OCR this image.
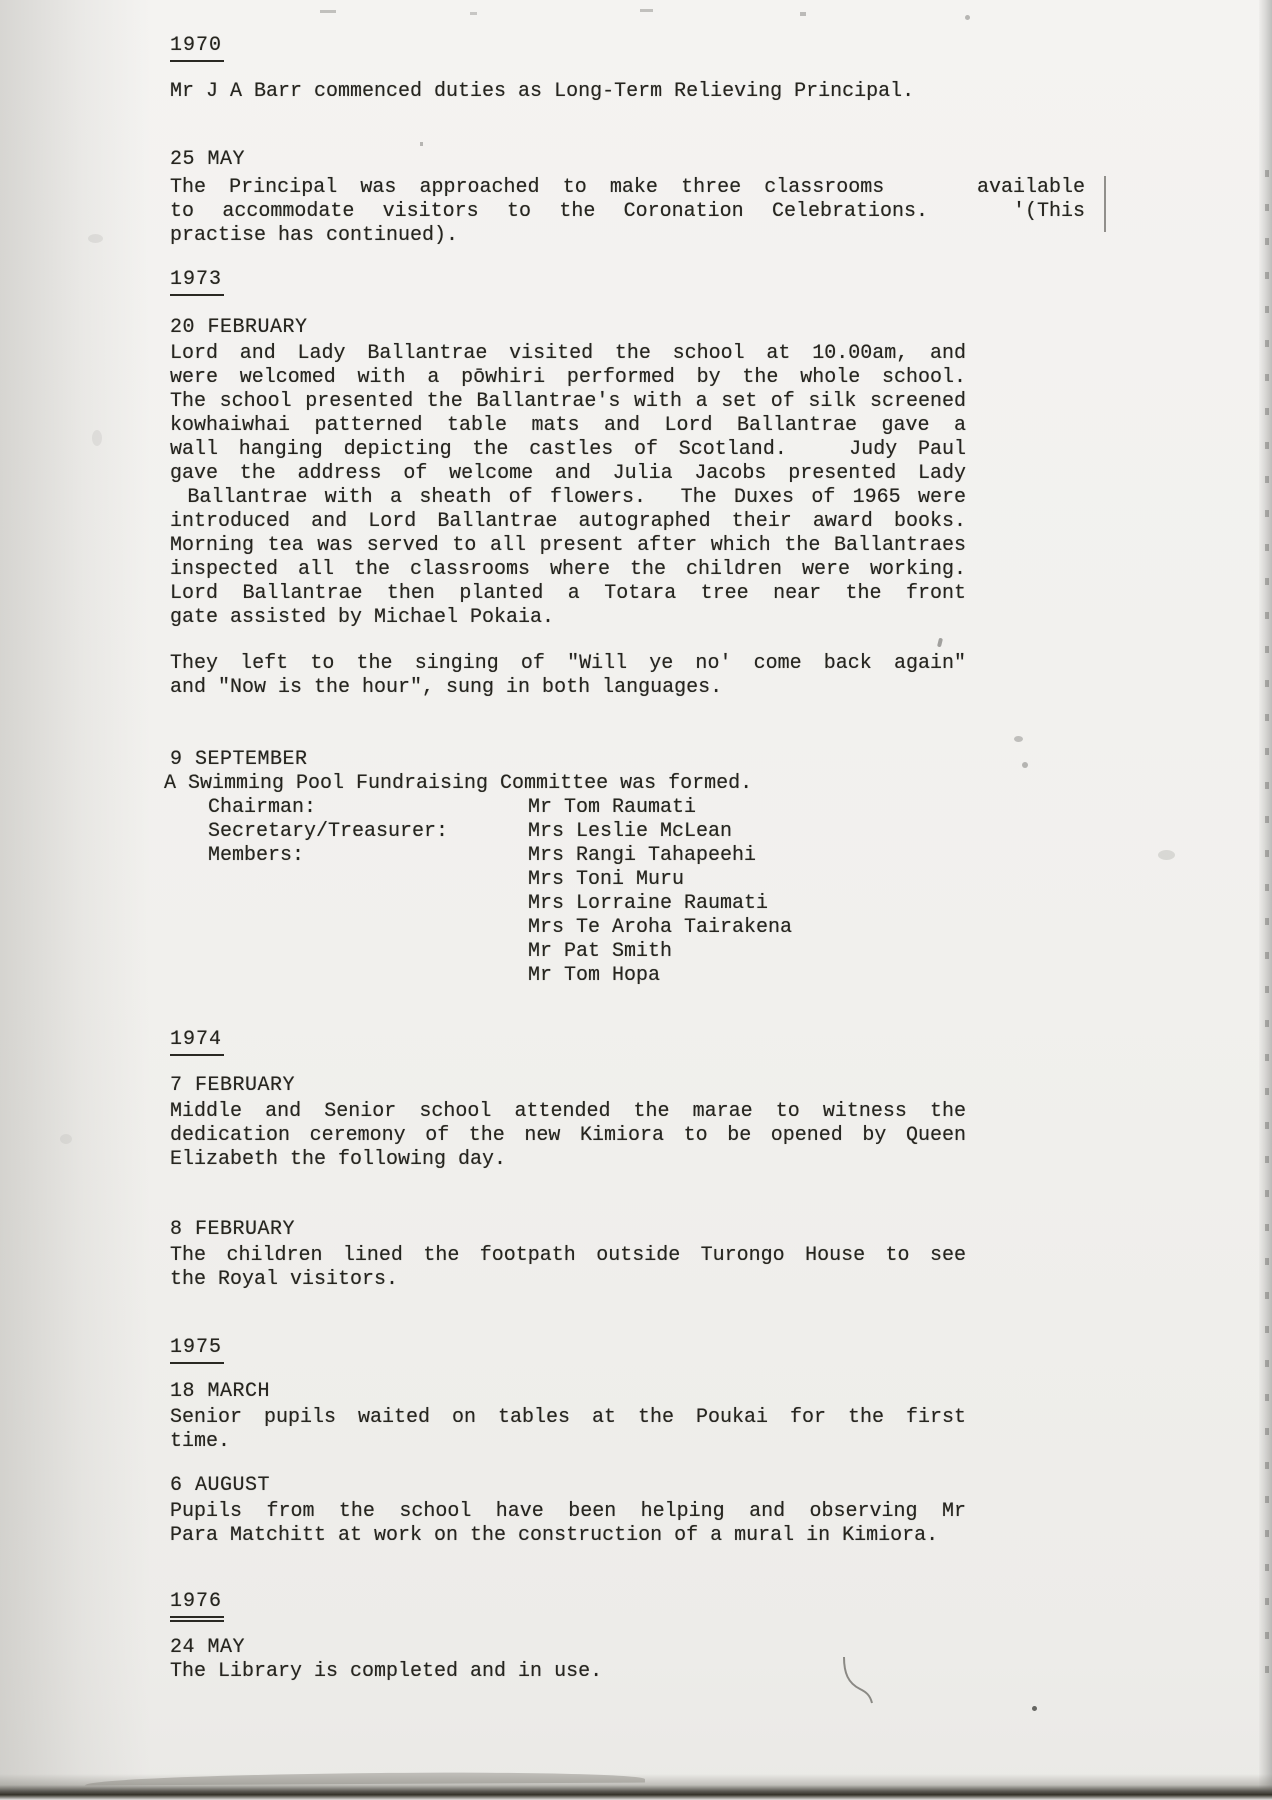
1970
Mr J A Barr commenced duties as Long-Term Relieving Principal.
25 MAY
The Principal was approached to make three classrooms    available
to accommodate visitors to the Coronation Celebrations.   '(This
practise has continued).
1973
20 FEBRUARY
Lord and Lady Ballantrae visited the school at 10.00am, and
were welcomed with a pōwhiri performed by the whole school.
The school presented the Ballantrae's with a set of silk screened
kowhaiwhai patterned table mats and Lord Ballantrae gave a
wall hanging depicting the castles of Scotland.   Judy Paul
gave the address of welcome and Julia Jacobs presented Lady
Ballantrae with a sheath of flowers.  The Duxes of 1965 were
introduced and Lord Ballantrae autographed their award books.
Morning tea was served to all present after which the Ballantraes
inspected all the classrooms where the children were working.
Lord Ballantrae then planted a Totara tree near the front
gate assisted by Michael Pokaia.
They left to the singing of "Will ye no' come back again"
and "Now is the hour", sung in both languages.
9 SEPTEMBER
A Swimming Pool Fundraising Committee was formed.
Chairman:	Mr Tom Raumati
Secretary/Treasurer:	Mrs Leslie McLean
Members:	Mrs Rangi Tahapeehi
Mrs Toni Muru
Mrs Lorraine Raumati
Mrs Te Aroha Tairakena
Mr Pat Smith
Mr Tom Hopa
1974
7 FEBRUARY
Middle and Senior school attended the marae to witness the
dedication ceremony of the new Kimiora to be opened by Queen
Elizabeth the following day.
8 FEBRUARY
The children lined the footpath outside Turongo House to see
the Royal visitors.
1975
18 MARCH
Senior pupils waited on tables at the Poukai for the first
time.
6 AUGUST
Pupils from the school have been helping and observing Mr
Para Matchitt at work on the construction of a mural in Kimiora.
1976
24 MAY
The Library is completed and in use.
